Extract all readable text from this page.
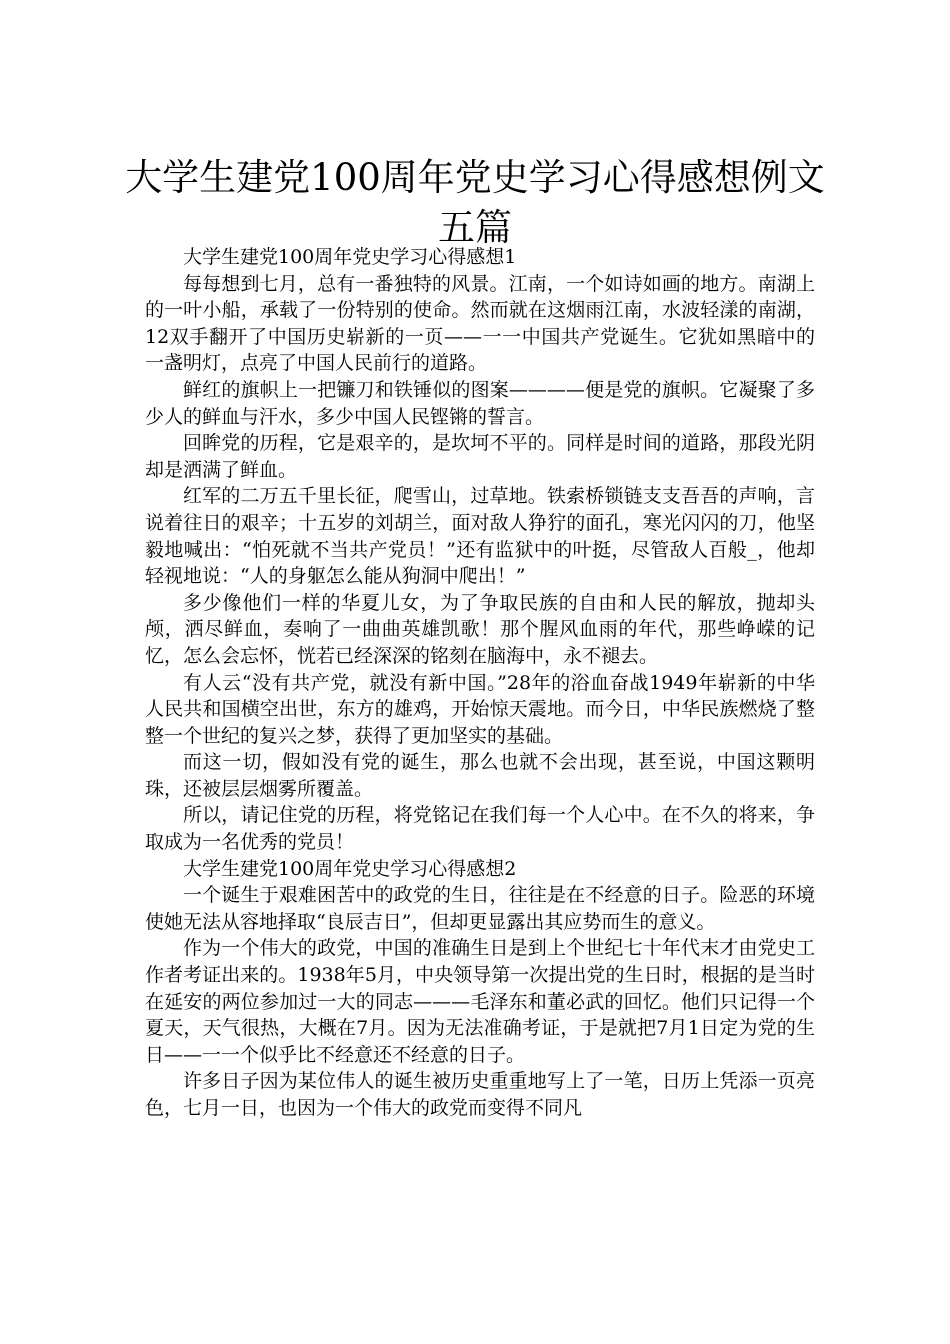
大学生建党100周年党史学习心得感想例文五篇

大学生建党100周年党史学习心得感想1

每每想到七月，总有一番独特的风景。江南，一个如诗如画的地方。南湖上的一叶小船，承载了一份特别的使命。然而就在这烟雨江南，水波轻漾的南湖，12双手翻开了中国历史崭新的一页——一一中国共产党诞生。它犹如黑暗中的一盏明灯，点亮了中国人民前行的道路。

鲜红的旗帜上一把镰刀和铁锤似的图案————便是党的旗帜。它凝聚了多少人的鲜血与汗水，多少中国人民铿锵的誓言。

回眸党的历程，它是艰辛的，是坎坷不平的。同样是时间的道路，那段光阴却是洒满了鲜血。

红军的二万五千里长征，爬雪山，过草地。铁索桥锁链支支吾吾的声响，言说着往日的艰辛；十五岁的刘胡兰，面对敌人狰狞的面孔，寒光闪闪的刀，他坚毅地喊出：“怕死就不当共产党员！”还有监狱中的叶挺，尽管敌人百般_，他却轻视地说：“人的身躯怎么能从狗洞中爬出！”

多少像他们一样的华夏儿女，为了争取民族的自由和人民的解放，抛却头颅，洒尽鲜血，奏响了一曲曲英雄凯歌！那个腥风血雨的年代，那些峥嵘的记忆，怎么会忘怀，恍若已经深深的铭刻在脑海中，永不褪去。

有人云“没有共产党，就没有新中国。”28年的浴血奋战1949年崭新的中华人民共和国横空出世，东方的雄鸡，开始惊天震地。而今日，中华民族燃烧了整整一个世纪的复兴之梦，获得了更加坚实的基础。

而这一切，假如没有党的诞生，那么也就不会出现，甚至说，中国这颗明珠，还被层层烟雾所覆盖。

所以，请记住党的历程，将党铭记在我们每一个人心中。在不久的将来，争取成为一名优秀的党员！

大学生建党100周年党史学习心得感想2

一个诞生于艰难困苦中的政党的生日，往往是在不经意的日子。险恶的环境使她无法从容地择取“良辰吉日”，但却更显露出其应势而生的意义。

作为一个伟大的政党，中国的准确生日是到上个世纪七十年代末才由党史工作者考证出来的。1938年5月，中央领导第一次提出党的生日时，根据的是当时在延安的两位参加过一大的同志———毛泽东和董必武的回忆。他们只记得一个夏天，天气很热，大概在7月。因为无法准确考证，于是就把7月1日定为党的生日——一一个似乎比不经意还不经意的日子。

许多日子因为某位伟人的诞生被历史重重地写上了一笔，日历上凭添一页亮色，七月一日，也因为一个伟大的政党而变得不同凡
